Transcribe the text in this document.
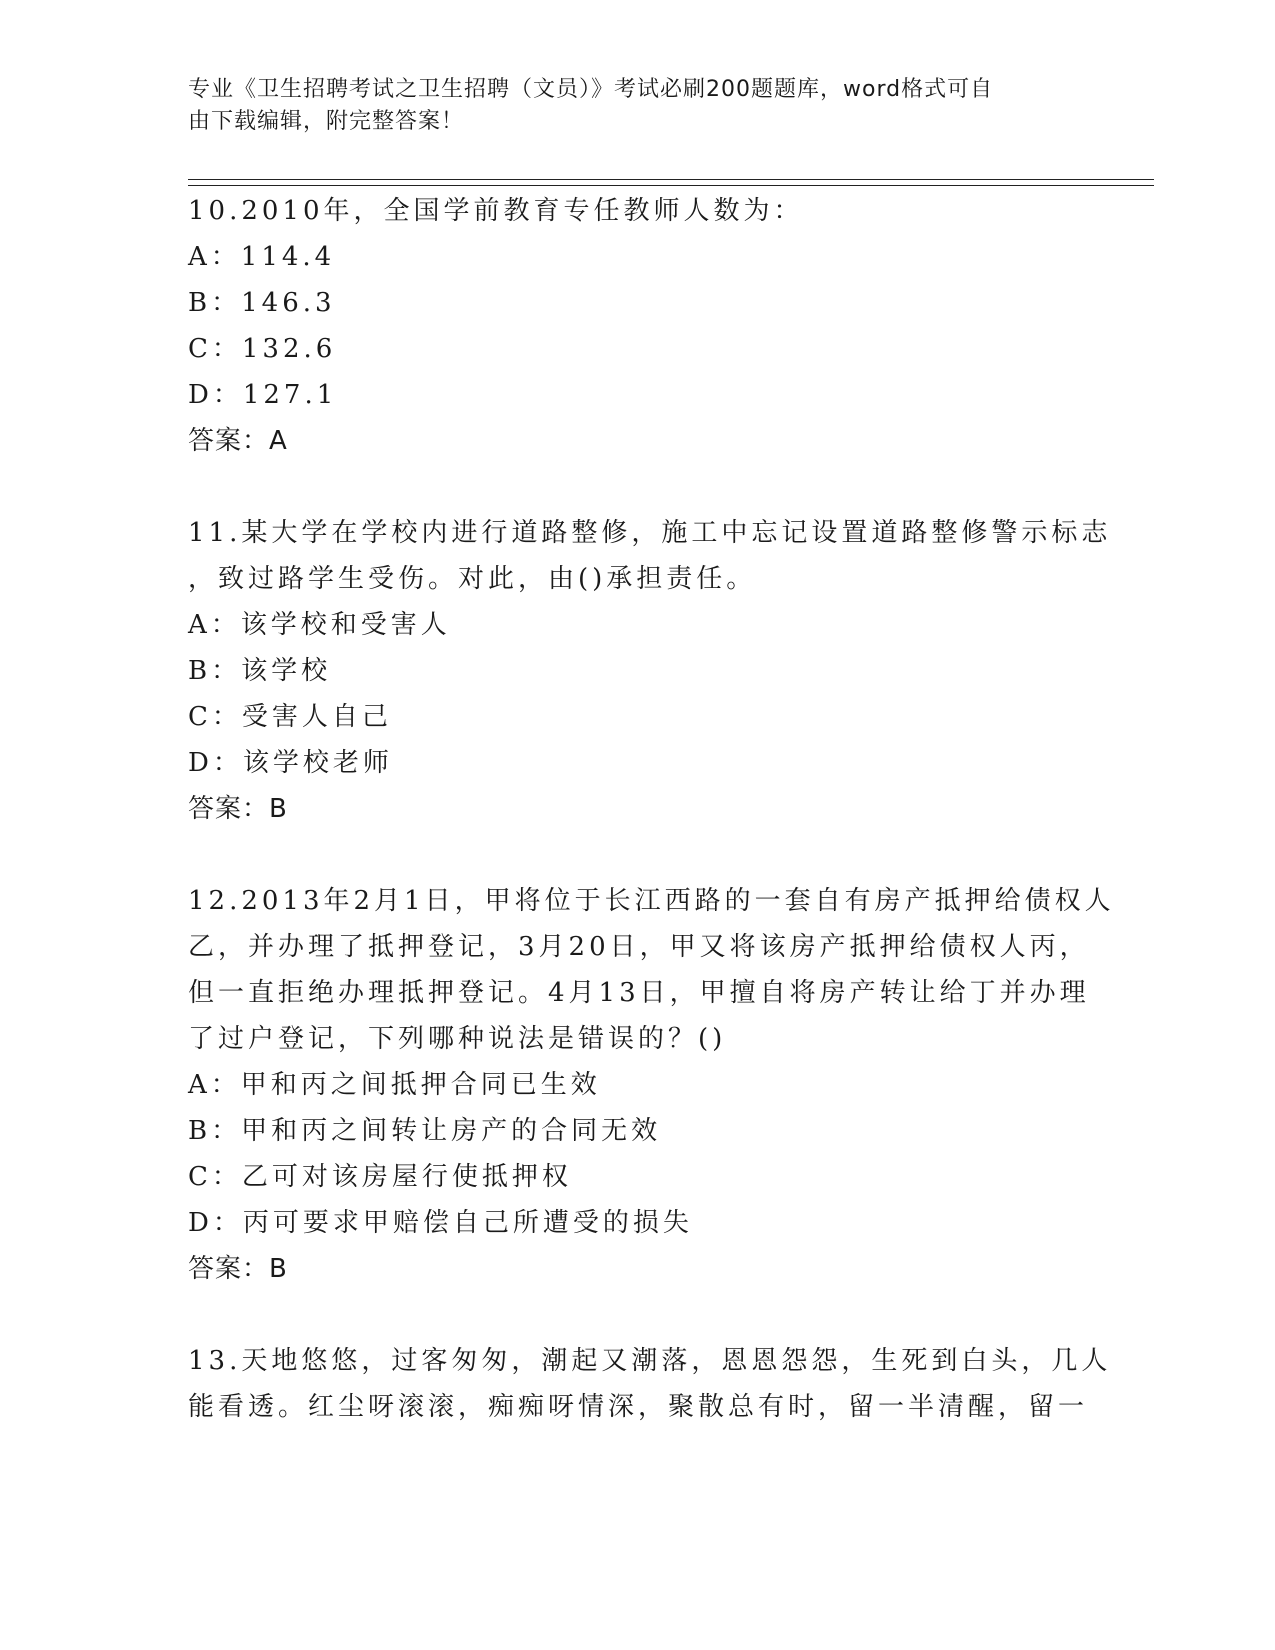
专业《卫生招聘考试之卫生招聘（文员）》考试必刷200题题库，word格式可自
由下载编辑，附完整答案！
10.2010年，全国学前教育专任教师人数为：
A：114.4
B：146.3
C：132.6
D：127.1
答案：A
11.某大学在学校内进行道路整修，施工中忘记设置道路整修警示标志
，致过路学生受伤。对此，由()承担责任。
A：该学校和受害人
B：该学校
C：受害人自己
D：该学校老师
答案：B
12.2013年2月1日，甲将位于长江西路的一套自有房产抵押给债权人
乙，并办理了抵押登记，3月20日，甲又将该房产抵押给债权人丙，
但一直拒绝办理抵押登记。4月13日，甲擅自将房产转让给丁并办理
了过户登记，下列哪种说法是错误的？()
A：甲和丙之间抵押合同已生效
B：甲和丙之间转让房产的合同无效
C：乙可对该房屋行使抵押权
D：丙可要求甲赔偿自己所遭受的损失
答案：B
13.天地悠悠，过客匆匆，潮起又潮落，恩恩怨怨，生死到白头，几人
能看透。红尘呀滚滚，痴痴呀情深，聚散总有时，留一半清醒，留一
